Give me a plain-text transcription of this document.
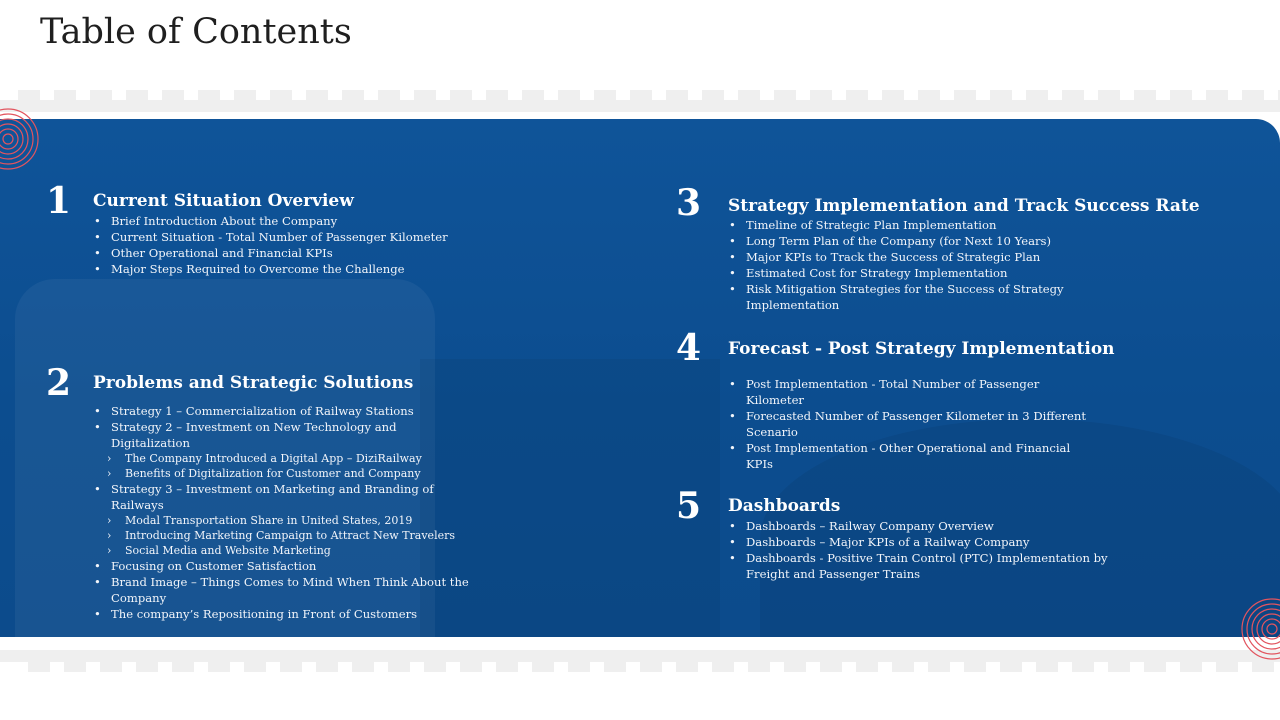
Table of Contents
1 Current Situation Overview
• Brief Introduction About the Company
• Current Situation - Total Number of Passenger Kilometer
• Other Operational and Financial KPIs
• Major Steps Required to Overcome the Challenge
2 Problems and Strategic Solutions
• Strategy 1 – Commercialization of Railway Stations
• Strategy 2 – Investment on New Technology and Digitalization
› The Company Introduced a Digital App – DiziRailway
› Benefits of Digitalization for Customer and Company
• Strategy 3 – Investment on Marketing and Branding of Railways
› Modal Transportation Share in United States, 2019
› Introducing Marketing Campaign to Attract New Travelers
› Social Media and Website Marketing
• Focusing on Customer Satisfaction
• Brand Image – Things Comes to Mind When Think About the Company
• The company’s Repositioning in Front of Customers
3 Strategy Implementation and Track Success Rate
• Timeline of Strategic Plan Implementation
• Long Term Plan of the Company (for Next 10 Years)
• Major KPIs to Track the Success of Strategic Plan
• Estimated Cost for Strategy Implementation
• Risk Mitigation Strategies for the Success of Strategy Implementation
4 Forecast - Post Strategy Implementation
• Post Implementation - Total Number of Passenger Kilometer
• Forecasted Number of Passenger Kilometer in 3 Different Scenario
• Post Implementation - Other Operational and Financial KPIs
5 Dashboards
• Dashboards – Railway Company Overview
• Dashboards – Major KPIs of a Railway Company
• Dashboards - Positive Train Control (PTC) Implementation by Freight and Passenger Trains
